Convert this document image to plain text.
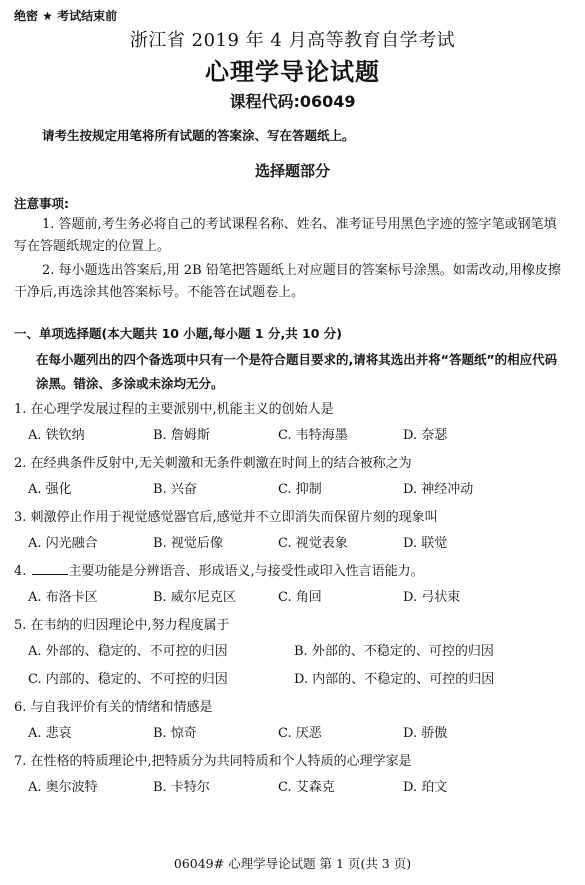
绝密 ★ 考试结束前
浙江省 2019 年 4 月高等教育自学考试
心理学导论试题
课程代码:06049
请考生按规定用笔将所有试题的答案涂、写在答题纸上。
选择题部分
注意事项:
1. 答题前,考生务必将自己的考试课程名称、姓名、准考证号用黑色字迹的签字笔或钢笔填写在答题纸规定的位置上。
2. 每小题选出答案后,用 2B 铅笔把答题纸上对应题目的答案标号涂黑。如需改动,用橡皮擦干净后,再选涂其他答案标号。不能答在试题卷上。
一、单项选择题(本大题共 10 小题,每小题 1 分,共 10 分)
在每小题列出的四个备选项中只有一个是符合题目要求的,请将其选出并将“答题纸”的相应代码涂黑。错涂、多涂或未涂均无分。
1. 在心理学发展过程的主要派别中,机能主义的创始人是
A. 铁钦纳	B. 詹姆斯	C. 韦特海墨	D. 奈瑟
2. 在经典条件反射中,无关刺激和无条件刺激在时间上的结合被称之为
A. 强化	B. 兴奋	C. 抑制	D. 神经冲动
3. 刺激停止作用于视觉感觉器官后,感觉并不立即消失而保留片刻的现象叫
A. 闪光融合	B. 视觉后像	C. 视觉表象	D. 联觉
4.	主要功能是分辨语音、形成语义,与接受性或印入性言语能力。
A. 布洛卡区	B. 威尔尼克区	C. 角回	D. 弓状束
5. 在韦纳的归因理论中,努力程度属于
A. 外部的、稳定的、不可控的归因	B. 外部的、不稳定的、可控的归因
C. 内部的、稳定的、不可控的归因	D. 内部的、不稳定的、可控的归因
6. 与自我评价有关的情绪和情感是
A. 悲哀	B. 惊奇	C. 厌恶	D. 骄傲
7. 在性格的特质理论中,把特质分为共同特质和个人特质的心理学家是
A. 奥尔波特	B. 卡特尔	C. 艾森克	D. 珀文
06049# 心理学导论试题 第 1 页(共 3 页)
